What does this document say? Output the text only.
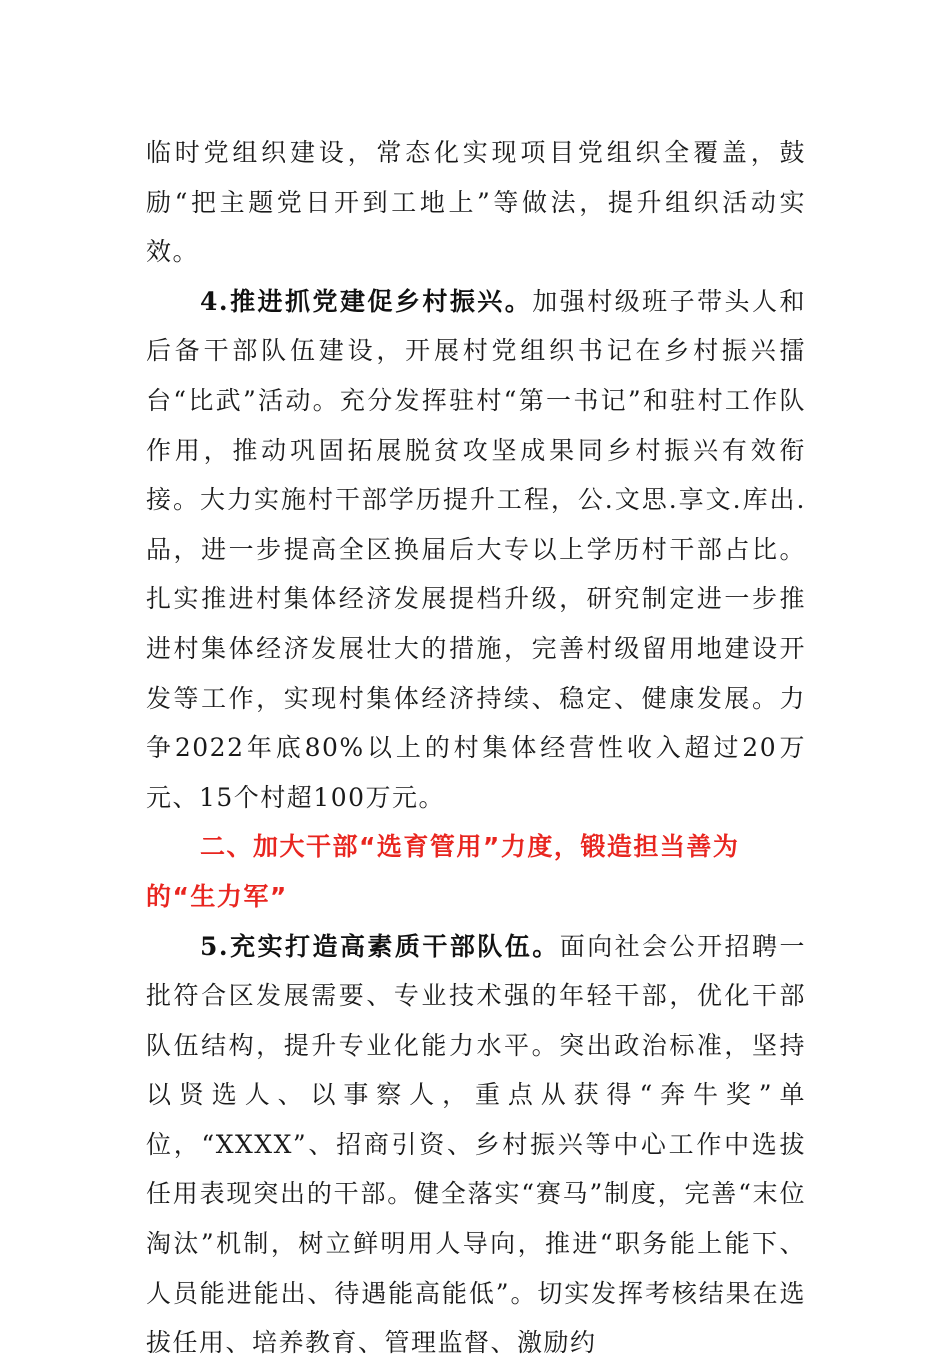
临时党组织建设，常态化实现项目党组织全覆盖，鼓励“把主题党日开到工地上”等做法，提升组织活动实效。

4.推进抓党建促乡村振兴。加强村级班子带头人和后备干部队伍建设，开展村党组织书记在乡村振兴擂台“比武”活动。充分发挥驻村“第一书记”和驻村工作队作用，推动巩固拓展脱贫攻坚成果同乡村振兴有效衔接。大力实施村干部学历提升工程，公.文思.享文.库出.品，进一步提高全区换届后大专以上学历村干部占比。扎实推进村集体经济发展提档升级，研究制定进一步推进村集体经济发展壮大的措施，完善村级留用地建设开发等工作，实现村集体经济持续、稳定、健康发展。力争2022年底80%以上的村集体经营性收入超过20万元、15个村超100万元。

二、加大干部“选育管用”力度，锻造担当善为的“生力军”

5.充实打造高素质干部队伍。面向社会公开招聘一批符合区发展需要、专业技术强的年轻干部，优化干部队伍结构，提升专业化能力水平。突出政治标准，坚持以贤选人、以事察人，重点从获得“奔牛奖”单位，“XXXX”、招商引资、乡村振兴等中心工作中选拔任用表现突出的干部。健全落实“赛马”制度，完善“末位淘汰”机制，树立鲜明用人导向，推进“职务能上能下、人员能进能出、待遇能高能低”。切实发挥考核结果在选拔任用、培养教育、管理监督、激励约
